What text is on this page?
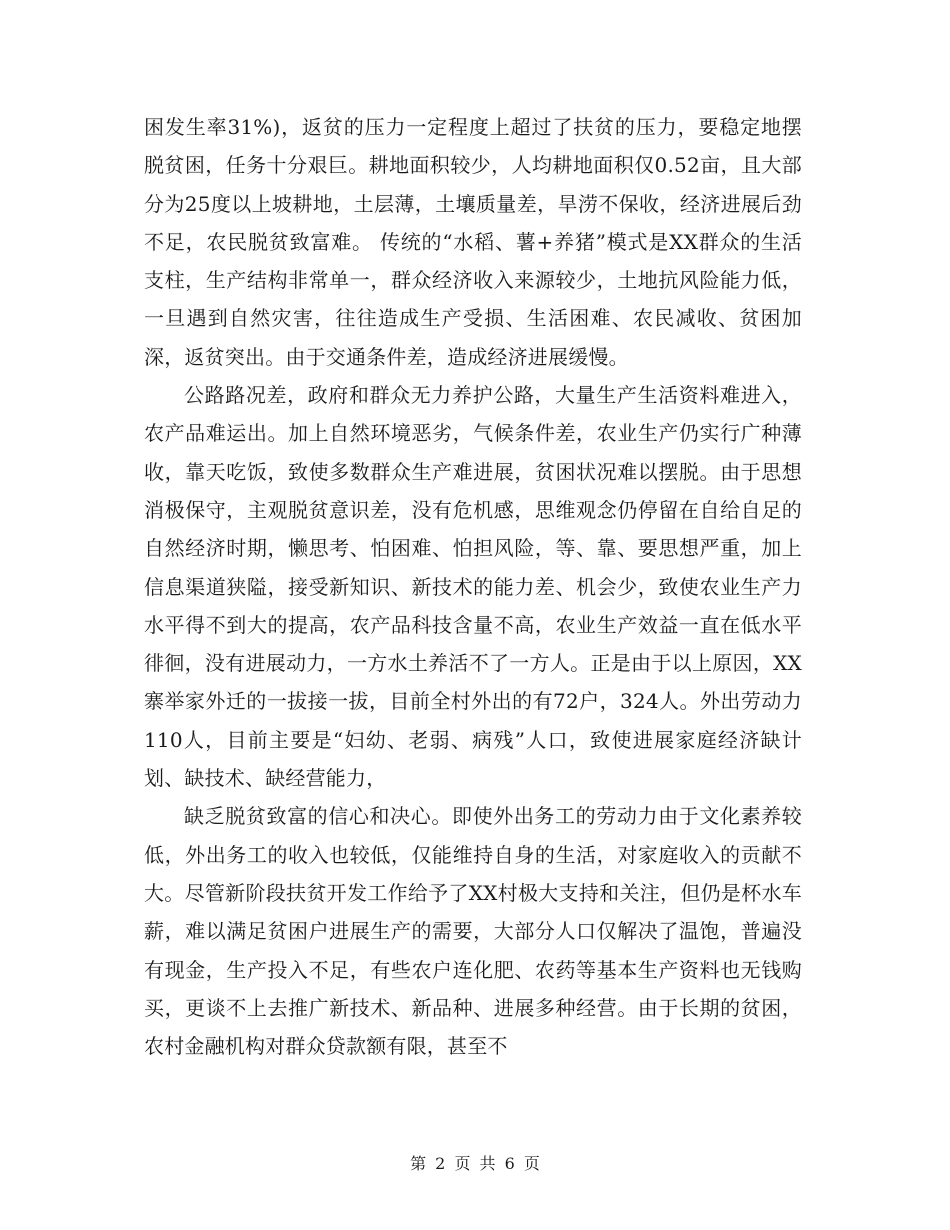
困发生率31%)，返贫的压力一定程度上超过了扶贫的压力，要稳定地摆脱贫困，任务十分艰巨。耕地面积较少，人均耕地面积仅0.52亩，且大部分为25度以上坡耕地，土层薄，土壤质量差，旱涝不保收，经济进展后劲不足，农民脱贫致富难。 传统的“水稻、薯+养猪”模式是XX群众的生活支柱，生产结构非常单一，群众经济收入来源较少，土地抗风险能力低，一旦遇到自然灾害，往往造成生产受损、生活困难、农民减收、贫困加深，返贫突出。由于交通条件差，造成经济进展缓慢。

公路路况差，政府和群众无力养护公路，大量生产生活资料难进入，农产品难运出。加上自然环境恶劣，气候条件差，农业生产仍实行广种薄收，靠天吃饭，致使多数群众生产难进展，贫困状况难以摆脱。由于思想消极保守，主观脱贫意识差，没有危机感，思维观念仍停留在自给自足的自然经济时期，懒思考、怕困难、怕担风险，等、靠、要思想严重，加上信息渠道狭隘，接受新知识、新技术的能力差、机会少，致使农业生产力水平得不到大的提高，农产品科技含量不高，农业生产效益一直在低水平徘徊，没有进展动力，一方水土养活不了一方人。正是由于以上原因，XX寨举家外迁的一拔接一拔，目前全村外出的有72户，324人。外出劳动力110人，目前主要是“妇幼、老弱、病残”人口，致使进展家庭经济缺计划、缺技术、缺经营能力，

缺乏脱贫致富的信心和决心。即使外出务工的劳动力由于文化素养较低，外出务工的收入也较低，仅能维持自身的生活，对家庭收入的贡献不大。尽管新阶段扶贫开发工作给予了XX村极大支持和关注，但仍是杯水车薪，难以满足贫困户进展生产的需要，大部分人口仅解决了温饱，普遍没有现金，生产投入不足，有些农户连化肥、农药等基本生产资料也无钱购买，更谈不上去推广新技术、新品种、进展多种经营。由于长期的贫困，农村金融机构对群众贷款额有限，甚至不

第 2 页 共 6 页
